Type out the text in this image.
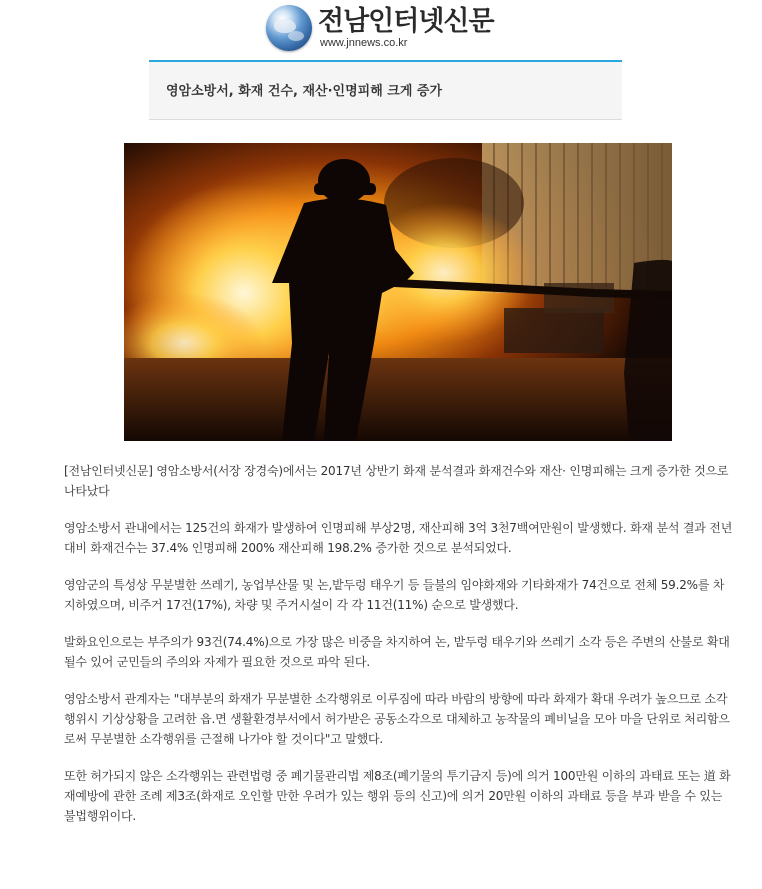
전남인터넷신문
www.jnnews.co.kr
영암소방서, 화재 건수, 재산·인명피해 크게 증가

[전남인터넷신문] 영암소방서(서장 장경숙)에서는 2017년 상반기 화재 분석결과 화재건수와 재산· 인명피해는 크게 증가한 것으로 나타났다

영암소방서 관내에서는 125건의 화재가 발생하여 인명피해 부상2명, 재산피해 3억 3천7백여만원이 발생했다. 화재 분석 결과 전년대비 화재건수는 37.4% 인명피해 200% 재산피해 198.2% 증가한 것으로 분석되었다.

영암군의 특성상 무분별한 쓰레기, 농업부산물 및 논,밭두렁 태우기 등 들불의 임야화재와 기타화재가 74건으로 전체 59.2%를 차지하였으며, 비주거 17건(17%), 차량 및 주거시설이 각 각 11건(11%) 순으로 발생했다.

발화요인으로는 부주의가 93건(74.4%)으로 가장 많은 비중을 차지하여 논, 밭두렁 태우기와 쓰레기 소각 등은 주변의 산불로 확대될수 있어 군민들의 주의와 자제가 필요한 것으로 파악 된다.

영암소방서 관계자는 "대부분의 화재가 무분별한 소각행위로 이루짐에 따라 바람의 방향에 따라 화재가 확대 우려가 높으므로 소각 행위시 기상상황을 고려한 읍.면 생활환경부서에서 허가받은 공동소각으로 대체하고 농작물의 폐비닐을 모아 마을 단위로 처리함으로써 무분별한 소각행위를 근절해 나가야 할 것이다"고 말했다.

또한 허가되지 않은 소각행위는 관련법령 중 폐기물관리법 제8조(폐기물의 투기금지 등)에 의거 100만원 이하의 과태료 또는 道 화재예방에 관한 조례 제3조(화재로 오인할 만한 우려가 있는 행위 등의 신고)에 의거 20만원 이하의 과태료 등을 부과 받을 수 있는 불법행위이다.
